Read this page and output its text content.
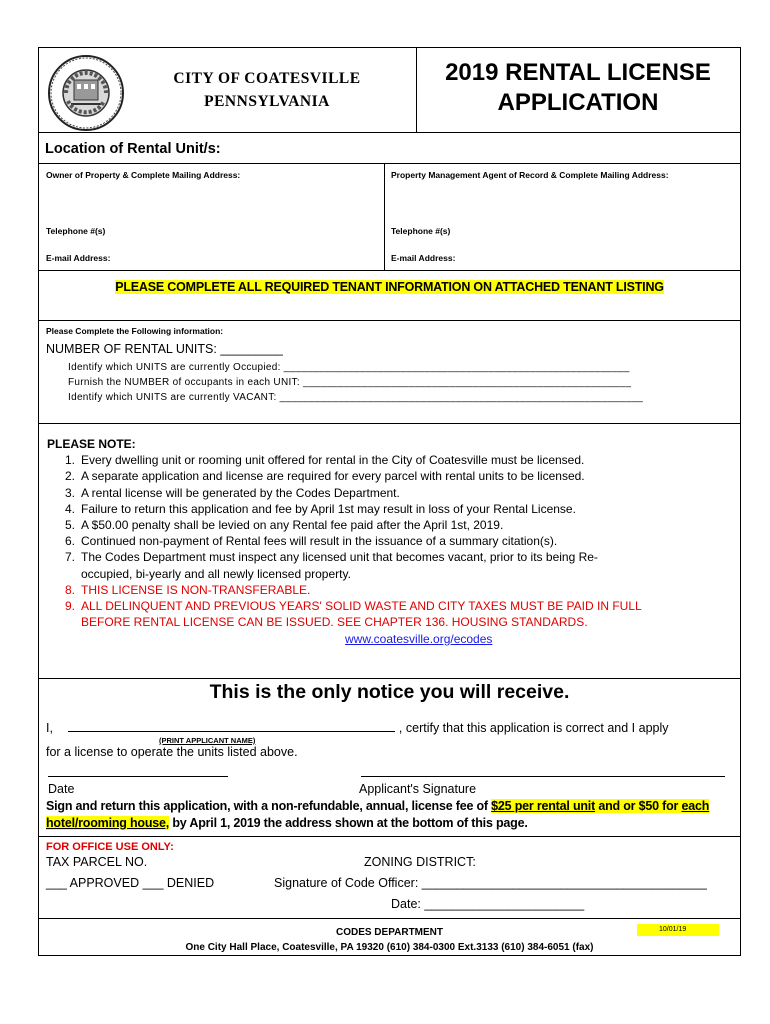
CITY OF COATESVILLE
PENNSYLVANIA
2019 RENTAL LICENSE
APPLICATION
Location of Rental Unit/s:
Owner of Property & Complete Mailing Address:	Property Management Agent of Record & Complete Mailing Address:
Telephone #(s)	Telephone #(s)
E-mail Address:	E-mail Address:
PLEASE COMPLETE ALL REQUIRED TENANT INFORMATION ON ATTACHED TENANT LISTING
Please Complete the Following information:
NUMBER OF RENTAL UNITS: _________
Identify which UNITS are currently Occupied: ___________________________________________________________
Furnish the NUMBER of occupants in each UNIT: ________________________________________________________
Identify which UNITS are currently VACANT: ______________________________________________________________
PLEASE NOTE:
1. Every dwelling unit or rooming unit offered for rental in the City of Coatesville must be licensed.
2. A separate application and license are required for every parcel with rental units to be licensed.
3. A rental license will be generated by the Codes Department.
4. Failure to return this application and fee by April 1st may result in loss of your Rental License.
5. A $50.00 penalty shall be levied on any Rental fee paid after the April 1st, 2019.
6. Continued non-payment of Rental fees will result in the issuance of a summary citation(s).
7. The Codes Department must inspect any licensed unit that becomes vacant, prior to its being Re-occupied, bi-yearly and all newly licensed property.
8. THIS LICENSE IS NON-TRANSFERABLE.
9. ALL DELINQUENT AND PREVIOUS YEARS' SOLID WASTE AND CITY TAXES MUST BE PAID IN FULL BEFORE RENTAL LICENSE CAN BE ISSUED. SEE CHAPTER 136. HOUSING STANDARDS.
www.coatesville.org/ecodes
This is the only notice you will receive.
I,	, certify that this application is correct and I apply
(PRINT APPLICANT NAME)
for a license to operate the units listed above.
Date	Applicant's Signature
Sign and return this application, with a non-refundable, annual, license fee of $25 per rental unit and or $50 for each hotel/rooming house, by April 1, 2019 the address shown at the bottom of this page.
FOR OFFICE USE ONLY:
TAX PARCEL NO.	ZONING DISTRICT:
___ APPROVED ___ DENIED	Signature of Code Officer: _________________________________________
Date: _______________________
CODES DEPARTMENT	10/01/19
One City Hall Place, Coatesville, PA 19320 (610) 384-0300 Ext.3133 (610) 384-6051 (fax)
